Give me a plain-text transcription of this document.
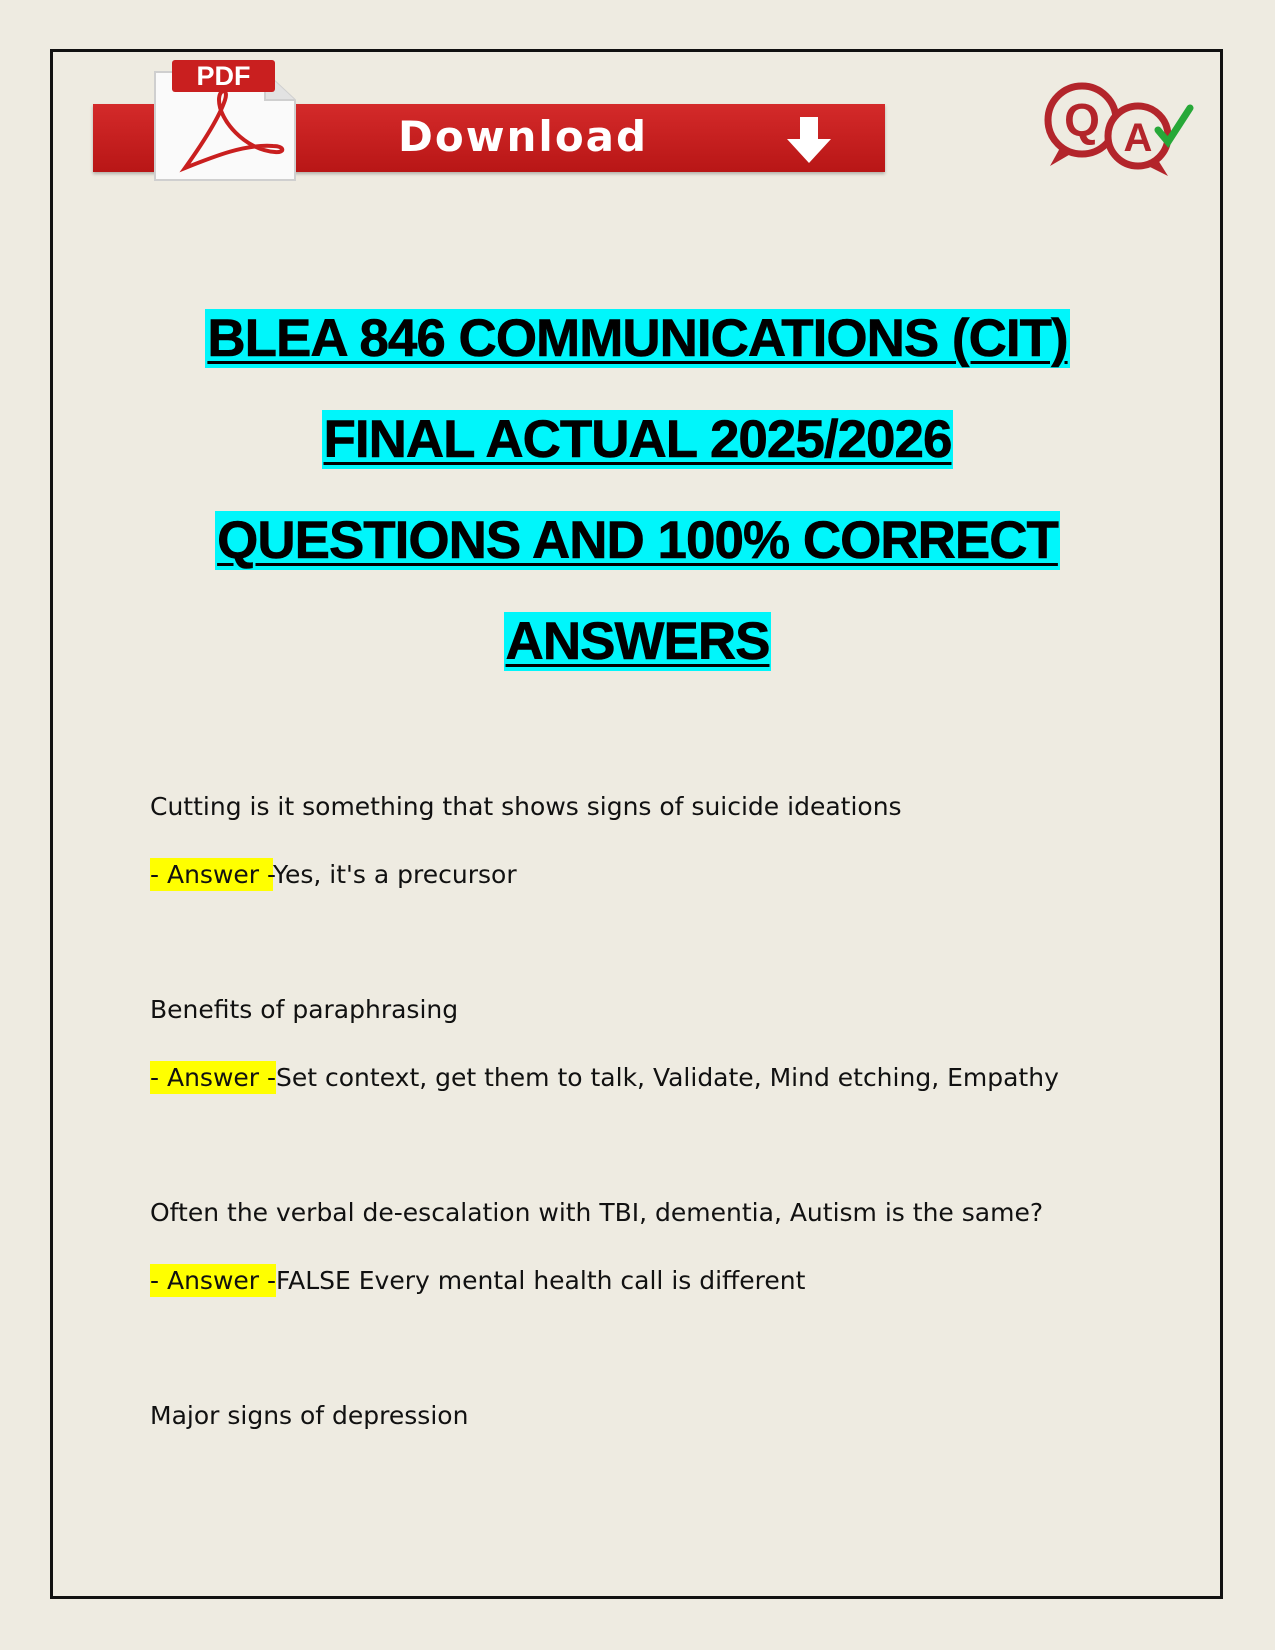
PDF
Download	Q A
BLEA 846 COMMUNICATIONS (CIT)
FINAL ACTUAL 2025/2026
QUESTIONS AND 100% CORRECT
ANSWERS
Cutting is it something that shows signs of suicide ideations
- Answer -Yes, it's a precursor
Benefits of paraphrasing
- Answer -Set context, get them to talk, Validate, Mind etching, Empathy
Often the verbal de-escalation with TBI, dementia, Autism is the same?
- Answer -FALSE Every mental health call is different
Major signs of depression
